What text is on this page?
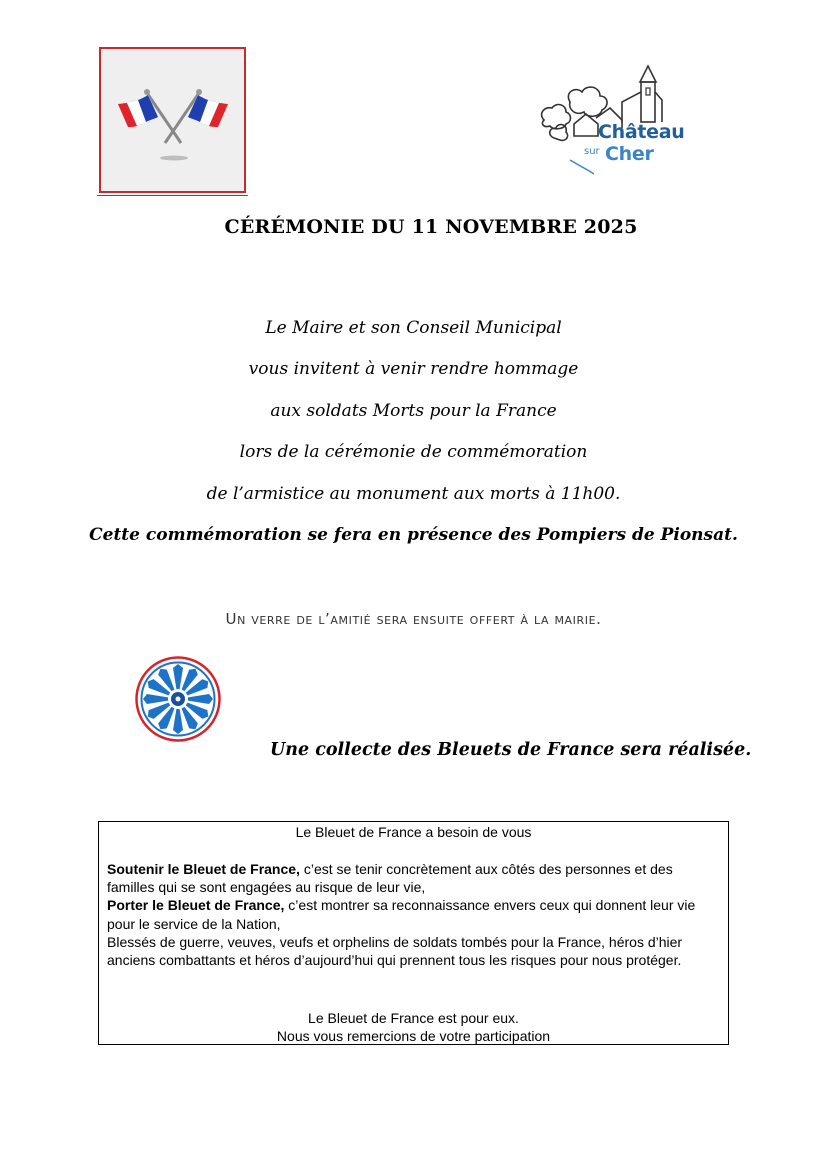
Château
sur Cher
CÉRÉMONIE DU 11 NOVEMBRE 2025
Le Maire et son Conseil Municipal
vous invitent à venir rendre hommage
aux soldats Morts pour la France
lors de la cérémonie de commémoration
de l’armistice au monument aux morts à 11h00.
Cette commémoration se fera en présence des Pompiers de Pionsat.
Un verre de l’amitié sera ensuite offert à la mairie.
Une collecte des Bleuets de France sera réalisée.
Le Bleuet de France a besoin de vous
Soutenir le Bleuet de France, c’est se tenir concrètement aux côtés des personnes et des familles qui se sont engagées au risque de leur vie,
Porter le Bleuet de France, c’est montrer sa reconnaissance envers ceux qui donnent leur vie pour le service de la Nation,
Blessés de guerre, veuves, veufs et orphelins de soldats tombés pour la France, héros d’hier anciens combattants et héros d’aujourd’hui qui prennent tous les risques pour nous protéger.
Le Bleuet de France est pour eux.
Nous vous remercions de votre participation
